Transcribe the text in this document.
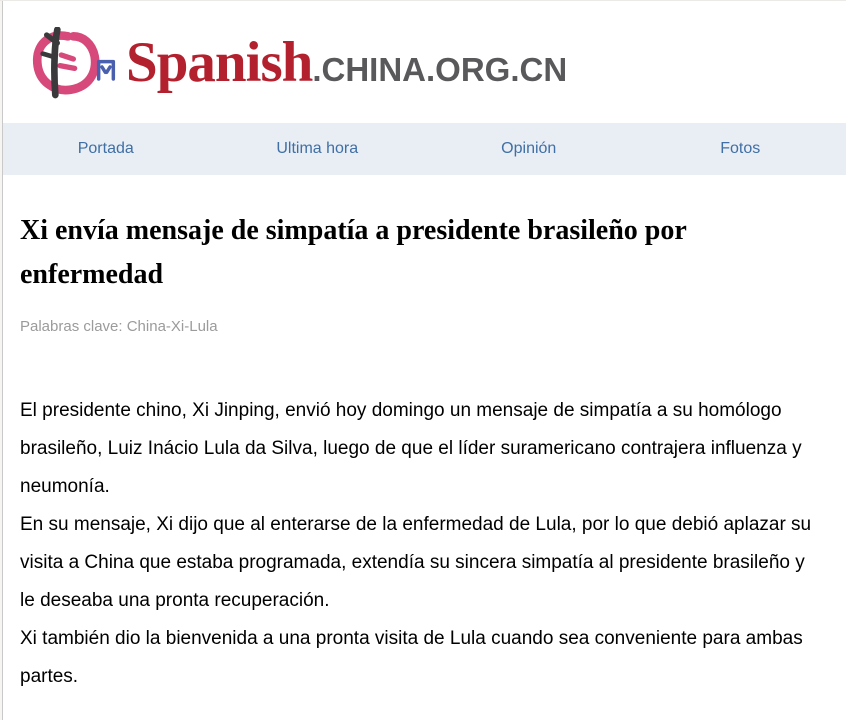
Spanish .CHINA.ORG.CN
Portada	Ultima hora	Opinión	Fotos
Xi envía mensaje de simpatía a presidente brasileño por enfermedad
Palabras clave: China-Xi-Lula

El presidente chino, Xi Jinping, envió hoy domingo un mensaje de simpatía a su homólogo brasileño, Luiz Inácio Lula da Silva, luego de que el líder suramericano contrajera influenza y neumonía.

En su mensaje, Xi dijo que al enterarse de la enfermedad de Lula, por lo que debió aplazar su visita a China que estaba programada, extendía su sincera simpatía al presidente brasileño y le deseaba una pronta recuperación.

Xi también dio la bienvenida a una pronta visita de Lula cuando sea conveniente para ambas partes.
